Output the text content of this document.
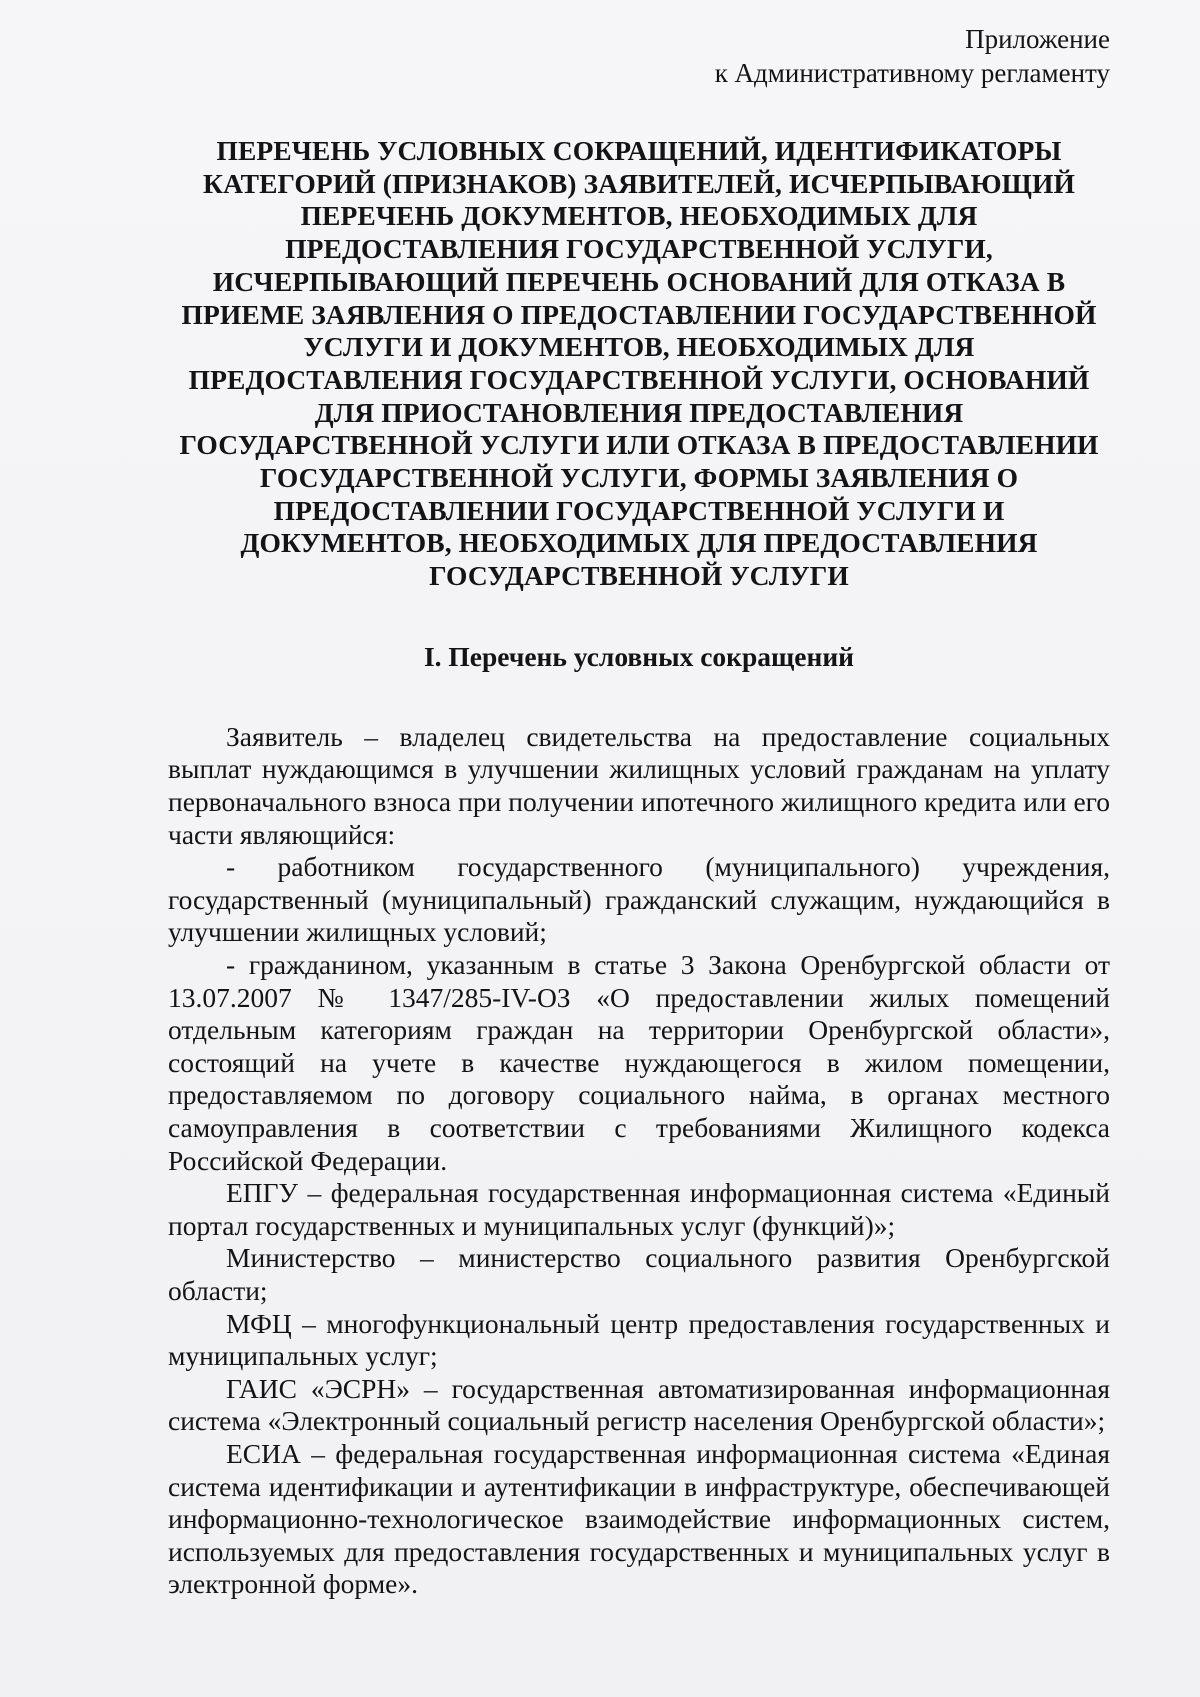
Приложение
к Административному регламенту
ПЕРЕЧЕНЬ УСЛОВНЫХ СОКРАЩЕНИЙ, ИДЕНТИФИКАТОРЫ КАТЕГОРИЙ (ПРИЗНАКОВ) ЗАЯВИТЕЛЕЙ, ИСЧЕРПЫВАЮЩИЙ ПЕРЕЧЕНЬ ДОКУМЕНТОВ, НЕОБХОДИМЫХ ДЛЯ ПРЕДОСТАВЛЕНИЯ ГОСУДАРСТВЕННОЙ УСЛУГИ, ИСЧЕРПЫВАЮЩИЙ ПЕРЕЧЕНЬ ОСНОВАНИЙ ДЛЯ ОТКАЗА В ПРИЕМЕ ЗАЯВЛЕНИЯ О ПРЕДОСТАВЛЕНИИ ГОСУДАРСТВЕННОЙ УСЛУГИ И ДОКУМЕНТОВ, НЕОБХОДИМЫХ ДЛЯ ПРЕДОСТАВЛЕНИЯ ГОСУДАРСТВЕННОЙ УСЛУГИ, ОСНОВАНИЙ ДЛЯ ПРИОСТАНОВЛЕНИЯ ПРЕДОСТАВЛЕНИЯ ГОСУДАРСТВЕННОЙ УСЛУГИ ИЛИ ОТКАЗА В ПРЕДОСТАВЛЕНИИ ГОСУДАРСТВЕННОЙ УСЛУГИ, ФОРМЫ ЗАЯВЛЕНИЯ О ПРЕДОСТАВЛЕНИИ ГОСУДАРСТВЕННОЙ УСЛУГИ И ДОКУМЕНТОВ, НЕОБХОДИМЫХ ДЛЯ ПРЕДОСТАВЛЕНИЯ ГОСУДАРСТВЕННОЙ УСЛУГИ
I. Перечень условных сокращений

Заявитель – владелец свидетельства на предоставление социальных выплат нуждающимся в улучшении жилищных условий гражданам на уплату первоначального взноса при получении ипотечного жилищного кредита или его части являющийся:

- работником государственного (муниципального) учреждения, государственный (муниципальный) гражданский служащим, нуждающийся в улучшении жилищных условий;

- гражданином, указанным в статье 3 Закона Оренбургской области от 13.07.2007 № 1347/285-IV-ОЗ «О предоставлении жилых помещений отдельным категориям граждан на территории Оренбургской области», состоящий на учете в качестве нуждающегося в жилом помещении, предоставляемом по договору социального найма, в органах местного самоуправления в соответствии с требованиями Жилищного кодекса Российской Федерации.

ЕПГУ – федеральная государственная информационная система «Единый портал государственных и муниципальных услуг (функций)»;

Министерство – министерство социального развития Оренбургской области;

МФЦ – многофункциональный центр предоставления государственных и муниципальных услуг;

ГАИС «ЭСРН» – государственная автоматизированная информационная система «Электронный социальный регистр населения Оренбургской области»;

ЕСИА – федеральная государственная информационная система «Единая система идентификации и аутентификации в инфраструктуре, обеспечивающей информационно-технологическое взаимодействие информационных систем, используемых для предоставления государственных и муниципальных услуг в электронной форме».
